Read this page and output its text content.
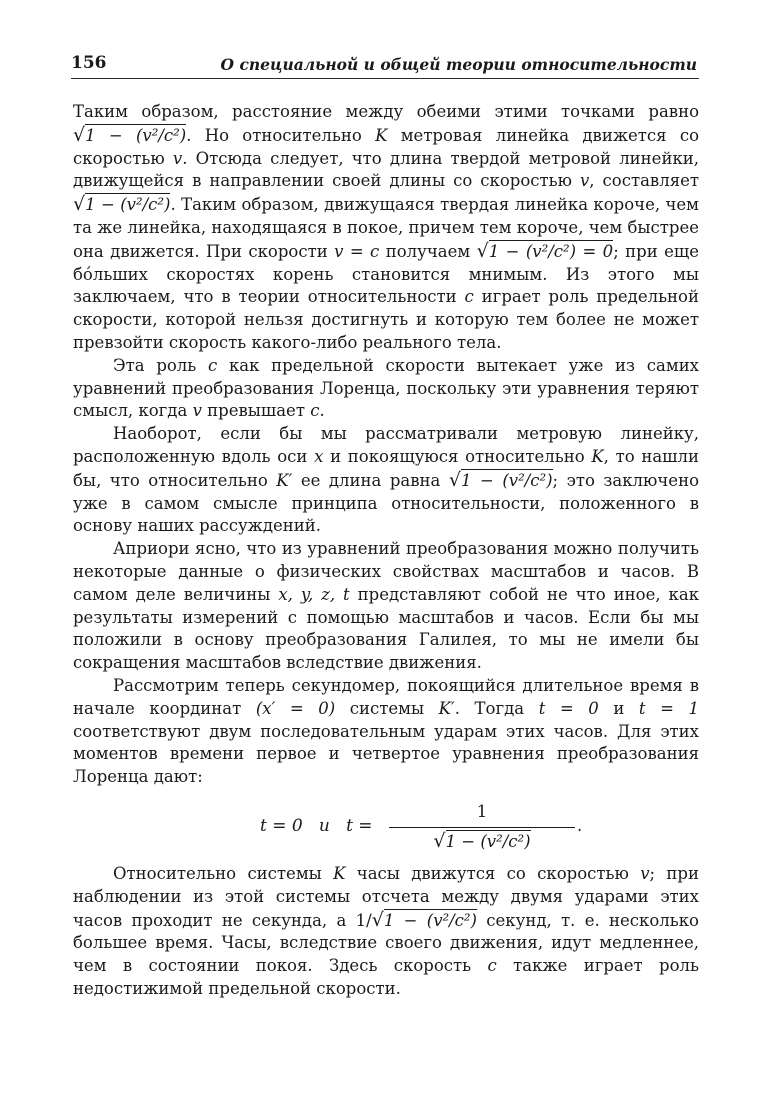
156	О специальной и общей теории относительности

Таким образом, расстояние между обеими этими точками равно √1 − (v²/c²). Но относительно K метровая линейка движется со скоростью v. Отсюда следует, что длина твердой метровой линейки, движущейся в направлении своей длины со скоростью v, составляет √1 − (v²/c²). Таким образом, движущаяся твердая линейка короче, чем та же линейка, находящаяся в покое, причем тем короче, чем быстрее она движется. При скорости v = c получаем √1 − (v²/c²) = 0; при еще бóльших скоростях корень становится мнимым. Из этого мы заключаем, что в теории относительности c играет роль предельной скорости, которой нельзя достигнуть и которую тем более не может превзойти скорость какого-либо реального тела.

Эта роль c как предельной скорости вытекает уже из самих уравнений преобразования Лоренца, поскольку эти уравнения теряют смысл, когда v превышает c.

Наоборот, если бы мы рассматривали метровую линейку, расположенную вдоль оси x и покоящуюся относительно K, то нашли бы, что относительно K′ ее длина равна √1 − (v²/c²); это заключено уже в самом смысле принципа относительности, положенного в основу наших рассуждений.

Априори ясно, что из уравнений преобразования можно получить некоторые данные о физических свойствах масштабов и часов. В самом деле величины x, y, z, t представляют собой не что иное, как результаты измерений с помощью масштабов и часов. Если бы мы положили в основу преобразования Галилея, то мы не имели бы сокращения масштабов вследствие движения.

Рассмотрим теперь секундомер, покоящийся длительное время в начале координат (x′ = 0) системы K′. Тогда t = 0 и t = 1 соответствуют двум последовательным ударам этих часов. Для этих моментов времени первое и четвертое уравнения преобразования Лоренца дают:

t = 0   и   $t = \frac{1}{\text{√1 − (v²/c²)}}$ .

Относительно системы K часы движутся со скоростью v; при наблюдении из этой системы отсчета между двумя ударами этих часов проходит не секунда, а 1/√1 − (v²/c²) секунд, т. е. несколько большее время. Часы, вследствие своего движения, идут медленнее, чем в состоянии покоя. Здесь скорость c также играет роль недостижимой предельной скорости.
